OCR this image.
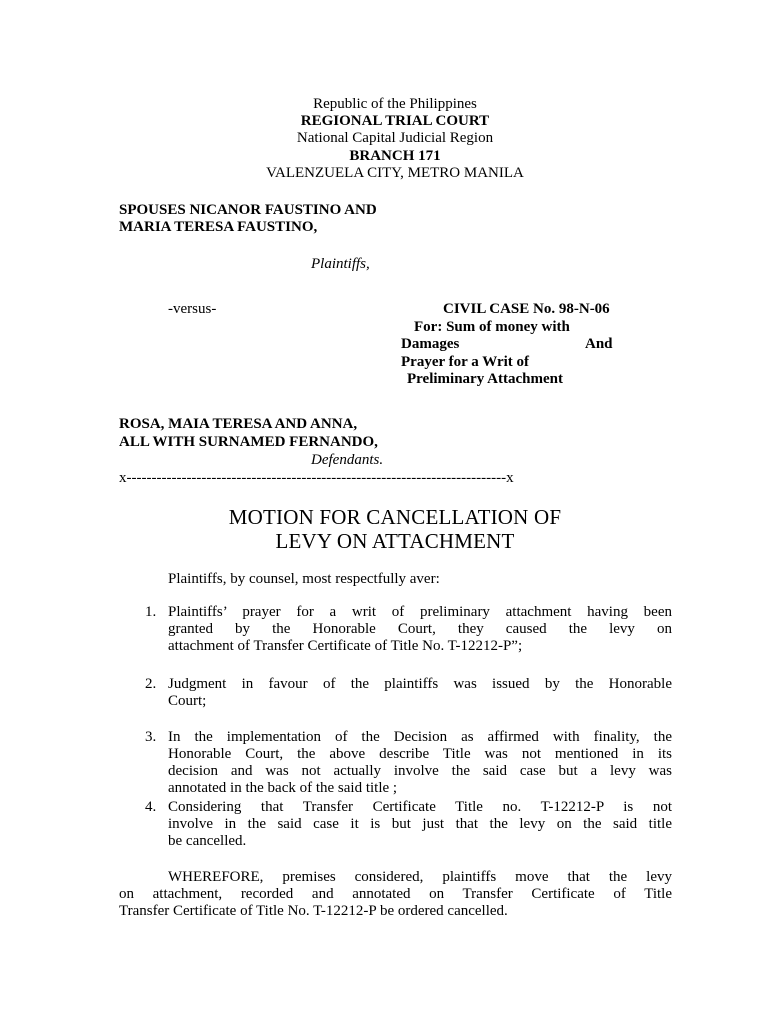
Republic of the Philippines
REGIONAL TRIAL COURT
National Capital Judicial Region
BRANCH 171
VALENZUELA CITY, METRO MANILA
SPOUSES NICANOR FAUSTINO AND
MARIA TERESA FAUSTINO,
Plaintiffs,
-versus-	CIVIL CASE No. 98-N-06
For: Sum of money with
Damages	And
Prayer for a Writ of
Preliminary Attachment
ROSA, MAIA TERESA AND ANNA,
ALL WITH SURNAMED FERNANDO,
Defendants.
x----------------------------------------------------------------------------x
MOTION FOR CANCELLATION OF
LEVY ON ATTACHMENT
Plaintiffs, by counsel, most respectfully aver:
1. Plaintiffs’ prayer for a writ of preliminary attachment having been
granted by the Honorable Court, they caused the levy on
attachment of Transfer Certificate of Title No. T-12212-P”;
2. Judgment in favour of the plaintiffs was issued by the Honorable
Court;
3. In the implementation of the Decision as affirmed with finality, the
Honorable Court, the above describe Title was not mentioned in its
decision and was not actually involve the said case but a levy was
annotated in the back of the said title ;
4. Considering that Transfer Certificate Title no. T-12212-P is not
involve in the said case it is but just that the levy on the said title
be cancelled.
WHEREFORE, premises considered, plaintiffs move that the levy
on attachment, recorded and annotated on Transfer Certificate of Title
Transfer Certificate of Title No. T-12212-P be ordered cancelled.
